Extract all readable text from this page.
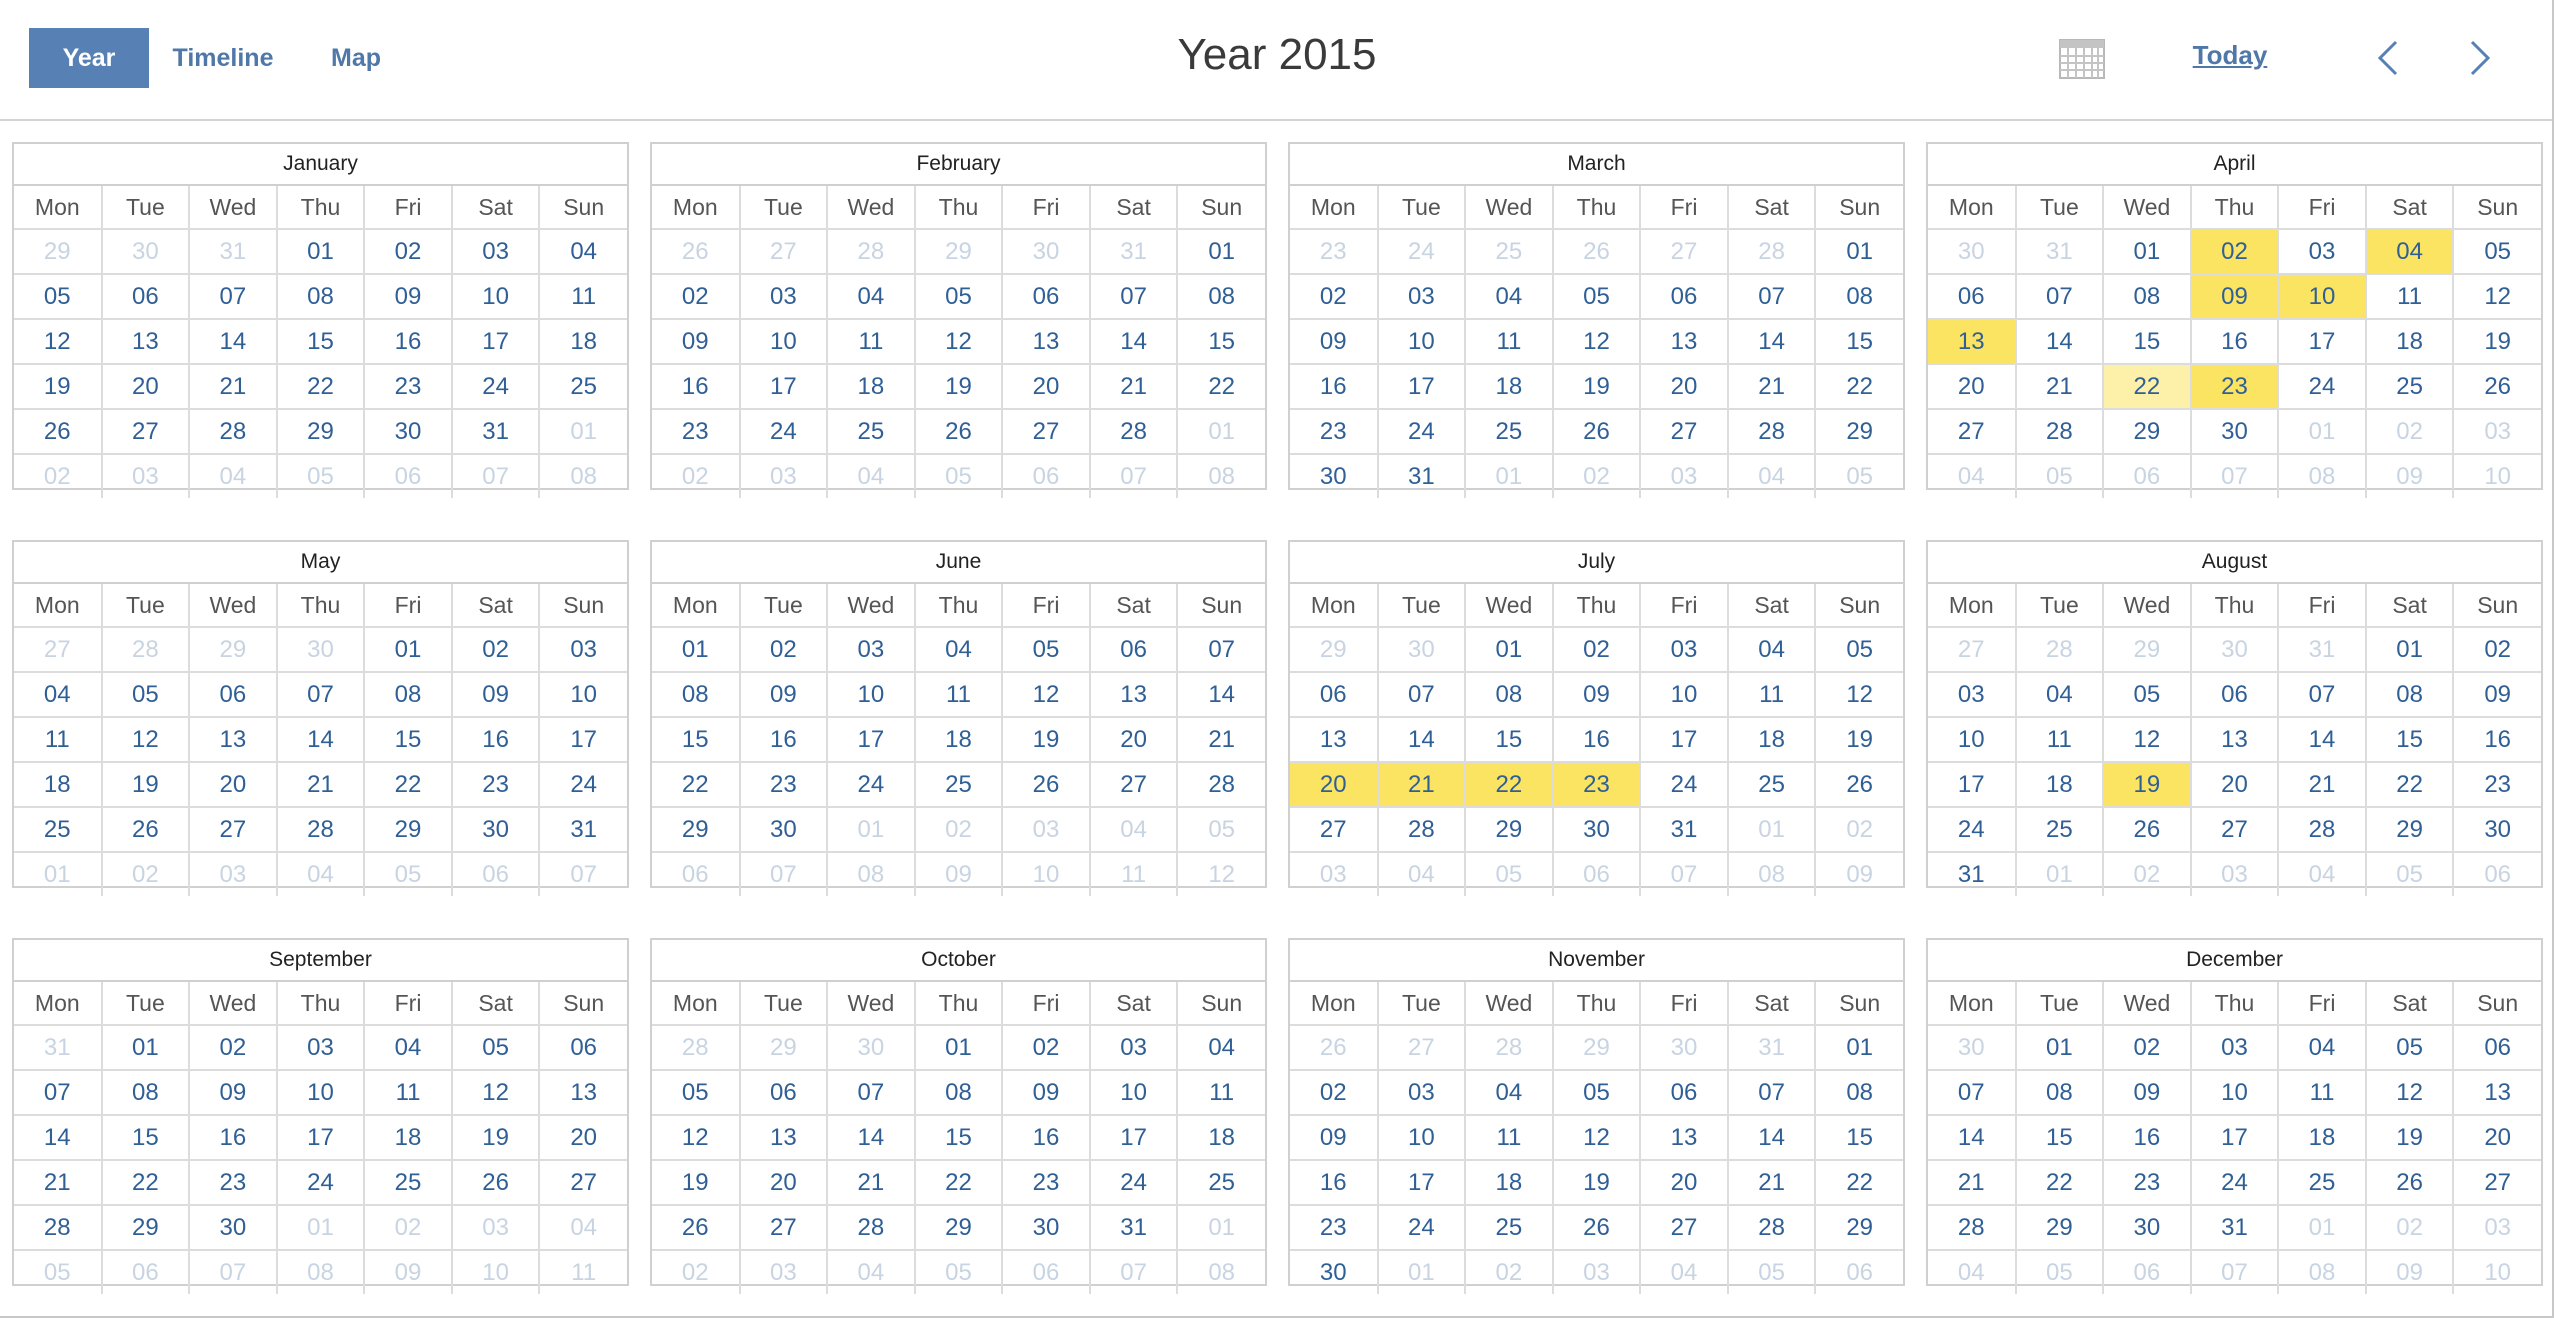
Year	Timeline	Map	Year 2015	Today
January
Mon	Tue	Wed	Thu	Fri	Sat	Sun
29	30	31	01	02	03	04
05	06	07	08	09	10	11
12	13	14	15	16	17	18
19	20	21	22	23	24	25
26	27	28	29	30	31	01
02	03	04	05	06	07	08
February
Mon	Tue	Wed	Thu	Fri	Sat	Sun
26	27	28	29	30	31	01
02	03	04	05	06	07	08
09	10	11	12	13	14	15
16	17	18	19	20	21	22
23	24	25	26	27	28	01
02	03	04	05	06	07	08
March
Mon	Tue	Wed	Thu	Fri	Sat	Sun
23	24	25	26	27	28	01
02	03	04	05	06	07	08
09	10	11	12	13	14	15
16	17	18	19	20	21	22
23	24	25	26	27	28	29
30	31	01	02	03	04	05
April
Mon	Tue	Wed	Thu	Fri	Sat	Sun
30	31	01	02	03	04	05
06	07	08	09	10	11	12
13	14	15	16	17	18	19
20	21	22	23	24	25	26
27	28	29	30	01	02	03
04	05	06	07	08	09	10
May
Mon	Tue	Wed	Thu	Fri	Sat	Sun
27	28	29	30	01	02	03
04	05	06	07	08	09	10
11	12	13	14	15	16	17
18	19	20	21	22	23	24
25	26	27	28	29	30	31
01	02	03	04	05	06	07
June
Mon	Tue	Wed	Thu	Fri	Sat	Sun
01	02	03	04	05	06	07
08	09	10	11	12	13	14
15	16	17	18	19	20	21
22	23	24	25	26	27	28
29	30	01	02	03	04	05
06	07	08	09	10	11	12
July
Mon	Tue	Wed	Thu	Fri	Sat	Sun
29	30	01	02	03	04	05
06	07	08	09	10	11	12
13	14	15	16	17	18	19
20	21	22	23	24	25	26
27	28	29	30	31	01	02
03	04	05	06	07	08	09
August
Mon	Tue	Wed	Thu	Fri	Sat	Sun
27	28	29	30	31	01	02
03	04	05	06	07	08	09
10	11	12	13	14	15	16
17	18	19	20	21	22	23
24	25	26	27	28	29	30
31	01	02	03	04	05	06
September
Mon	Tue	Wed	Thu	Fri	Sat	Sun
31	01	02	03	04	05	06
07	08	09	10	11	12	13
14	15	16	17	18	19	20
21	22	23	24	25	26	27
28	29	30	01	02	03	04
05	06	07	08	09	10	11
October
Mon	Tue	Wed	Thu	Fri	Sat	Sun
28	29	30	01	02	03	04
05	06	07	08	09	10	11
12	13	14	15	16	17	18
19	20	21	22	23	24	25
26	27	28	29	30	31	01
02	03	04	05	06	07	08
November
Mon	Tue	Wed	Thu	Fri	Sat	Sun
26	27	28	29	30	31	01
02	03	04	05	06	07	08
09	10	11	12	13	14	15
16	17	18	19	20	21	22
23	24	25	26	27	28	29
30	01	02	03	04	05	06
December
Mon	Tue	Wed	Thu	Fri	Sat	Sun
30	01	02	03	04	05	06
07	08	09	10	11	12	13
14	15	16	17	18	19	20
21	22	23	24	25	26	27
28	29	30	31	01	02	03
04	05	06	07	08	09	10
